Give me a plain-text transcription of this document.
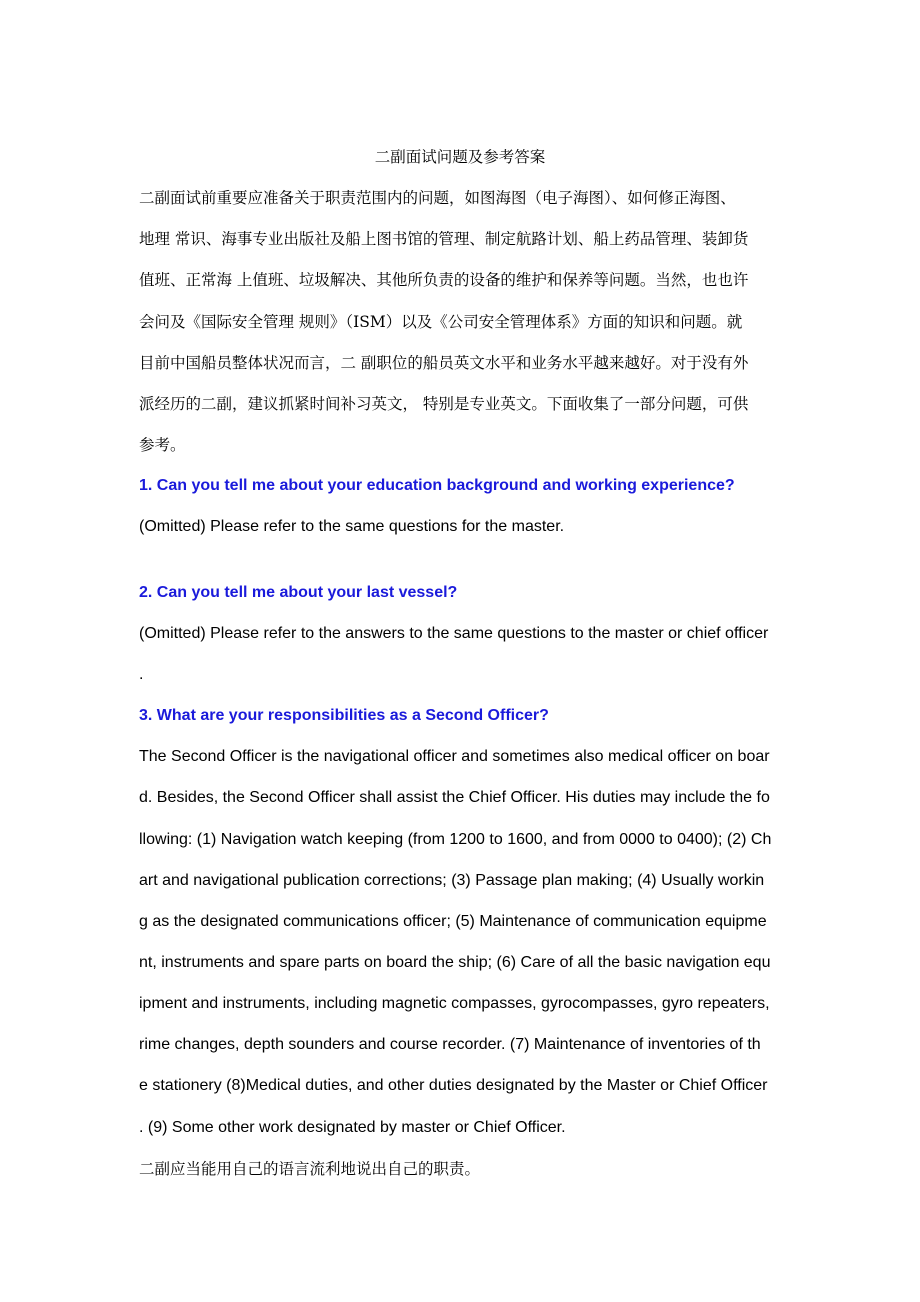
二副面试问题及参考答案
二副面试前重要应准备关于职责范围内的问题，如图海图（电子海图）、如何修正海图、
地理 常识、海事专业出版社及船上图书馆的管理、制定航路计划、船上药品管理、装卸货
值班、正常海 上值班、垃圾解决、其他所负责的设备的维护和保养等问题。当然，也也许
会问及《国际安全管理 规则》（ISM）以及《公司安全管理体系》方面的知识和问题。就
目前中国船员整体状况而言，二 副职位的船员英文水平和业务水平越来越好。对于没有外
派经历的二副，建议抓紧时间补习英文， 特别是专业英文。下面收集了一部分问题，可供
参考。
1. Can you tell me about your education background and working experience?
(Omitted) Please refer to the same questions for the master.
2. Can you tell me about your last vessel?
(Omitted) Please refer to the answers to the same questions to the master or chief officer
.
3. What are your responsibilities as a Second Officer?
The Second Officer is the navigational officer and sometimes also medical officer on boar
d. Besides, the Second Officer shall assist the Chief Officer. His duties may include the fo
llowing: (1) Navigation watch keeping (from 1200 to 1600, and from 0000 to 0400); (2) Ch
art and navigational publication corrections; (3) Passage plan making; (4) Usually workin
g as the designated communications officer; (5) Maintenance of communication equipme
nt, instruments and spare parts on board the ship; (6) Care of all the basic navigation equ
ipment and instruments, including magnetic compasses, gyrocompasses, gyro repeaters,
rime changes, depth sounders and course recorder. (7) Maintenance of inventories of th
e stationery (8)Medical duties, and other duties designated by the Master or Chief Officer
. (9) Some other work designated by master or Chief Officer.
二副应当能用自己的语言流利地说出自己的职责。
